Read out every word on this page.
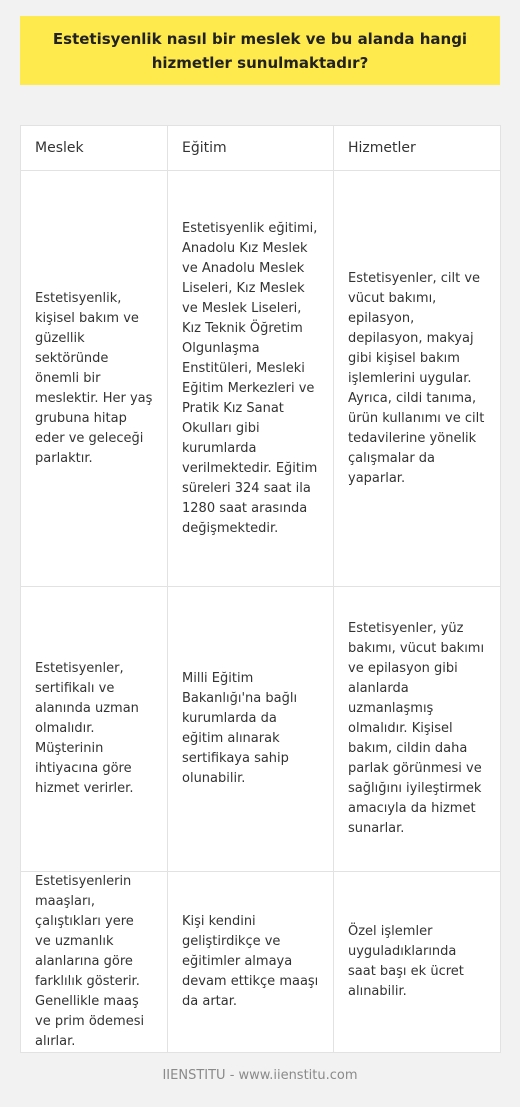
Estetisyenlik nasıl bir meslek ve bu alanda hangi hizmetler sunulmaktadır?
Meslek	Eğitim	Hizmetler
Estetisyenlik, kişisel bakım ve güzellik sektöründe önemli bir meslektir. Her yaş grubuna hitap eder ve geleceği parlaktır.	Estetisyenlik eğitimi, Anadolu Kız Meslek ve Anadolu Meslek Liseleri, Kız Meslek ve Meslek Liseleri, Kız Teknik Öğretim Olgunlaşma Enstitüleri, Mesleki Eğitim Merkezleri ve Pratik Kız Sanat Okulları gibi kurumlarda verilmektedir. Eğitim süreleri 324 saat ila 1280 saat arasında değişmektedir.	Estetisyenler, cilt ve vücut bakımı, epilasyon, depilasyon, makyaj gibi kişisel bakım işlemlerini uygular. Ayrıca, cildi tanıma, ürün kullanımı ve cilt tedavilerine yönelik çalışmalar da yaparlar.
Estetisyenler, sertifikalı ve alanında uzman olmalıdır. Müşterinin ihtiyacına göre hizmet verirler.	Milli Eğitim Bakanlığı'na bağlı kurumlarda da eğitim alınarak sertifikaya sahip olunabilir.	Estetisyenler, yüz bakımı, vücut bakımı ve epilasyon gibi alanlarda uzmanlaşmış olmalıdır. Kişisel bakım, cildin daha parlak görünmesi ve sağlığını iyileştirmek amacıyla da hizmet sunarlar.
Estetisyenlerin maaşları, çalıştıkları yere ve uzmanlık alanlarına göre farklılık gösterir. Genellikle maaş ve prim ödemesi alırlar.	Kişi kendini geliştirdikçe ve eğitimler almaya devam ettikçe maaşı da artar.	Özel işlemler uyguladıklarında saat başı ek ücret alınabilir.
IIENSTITU - www.iienstitu.com
